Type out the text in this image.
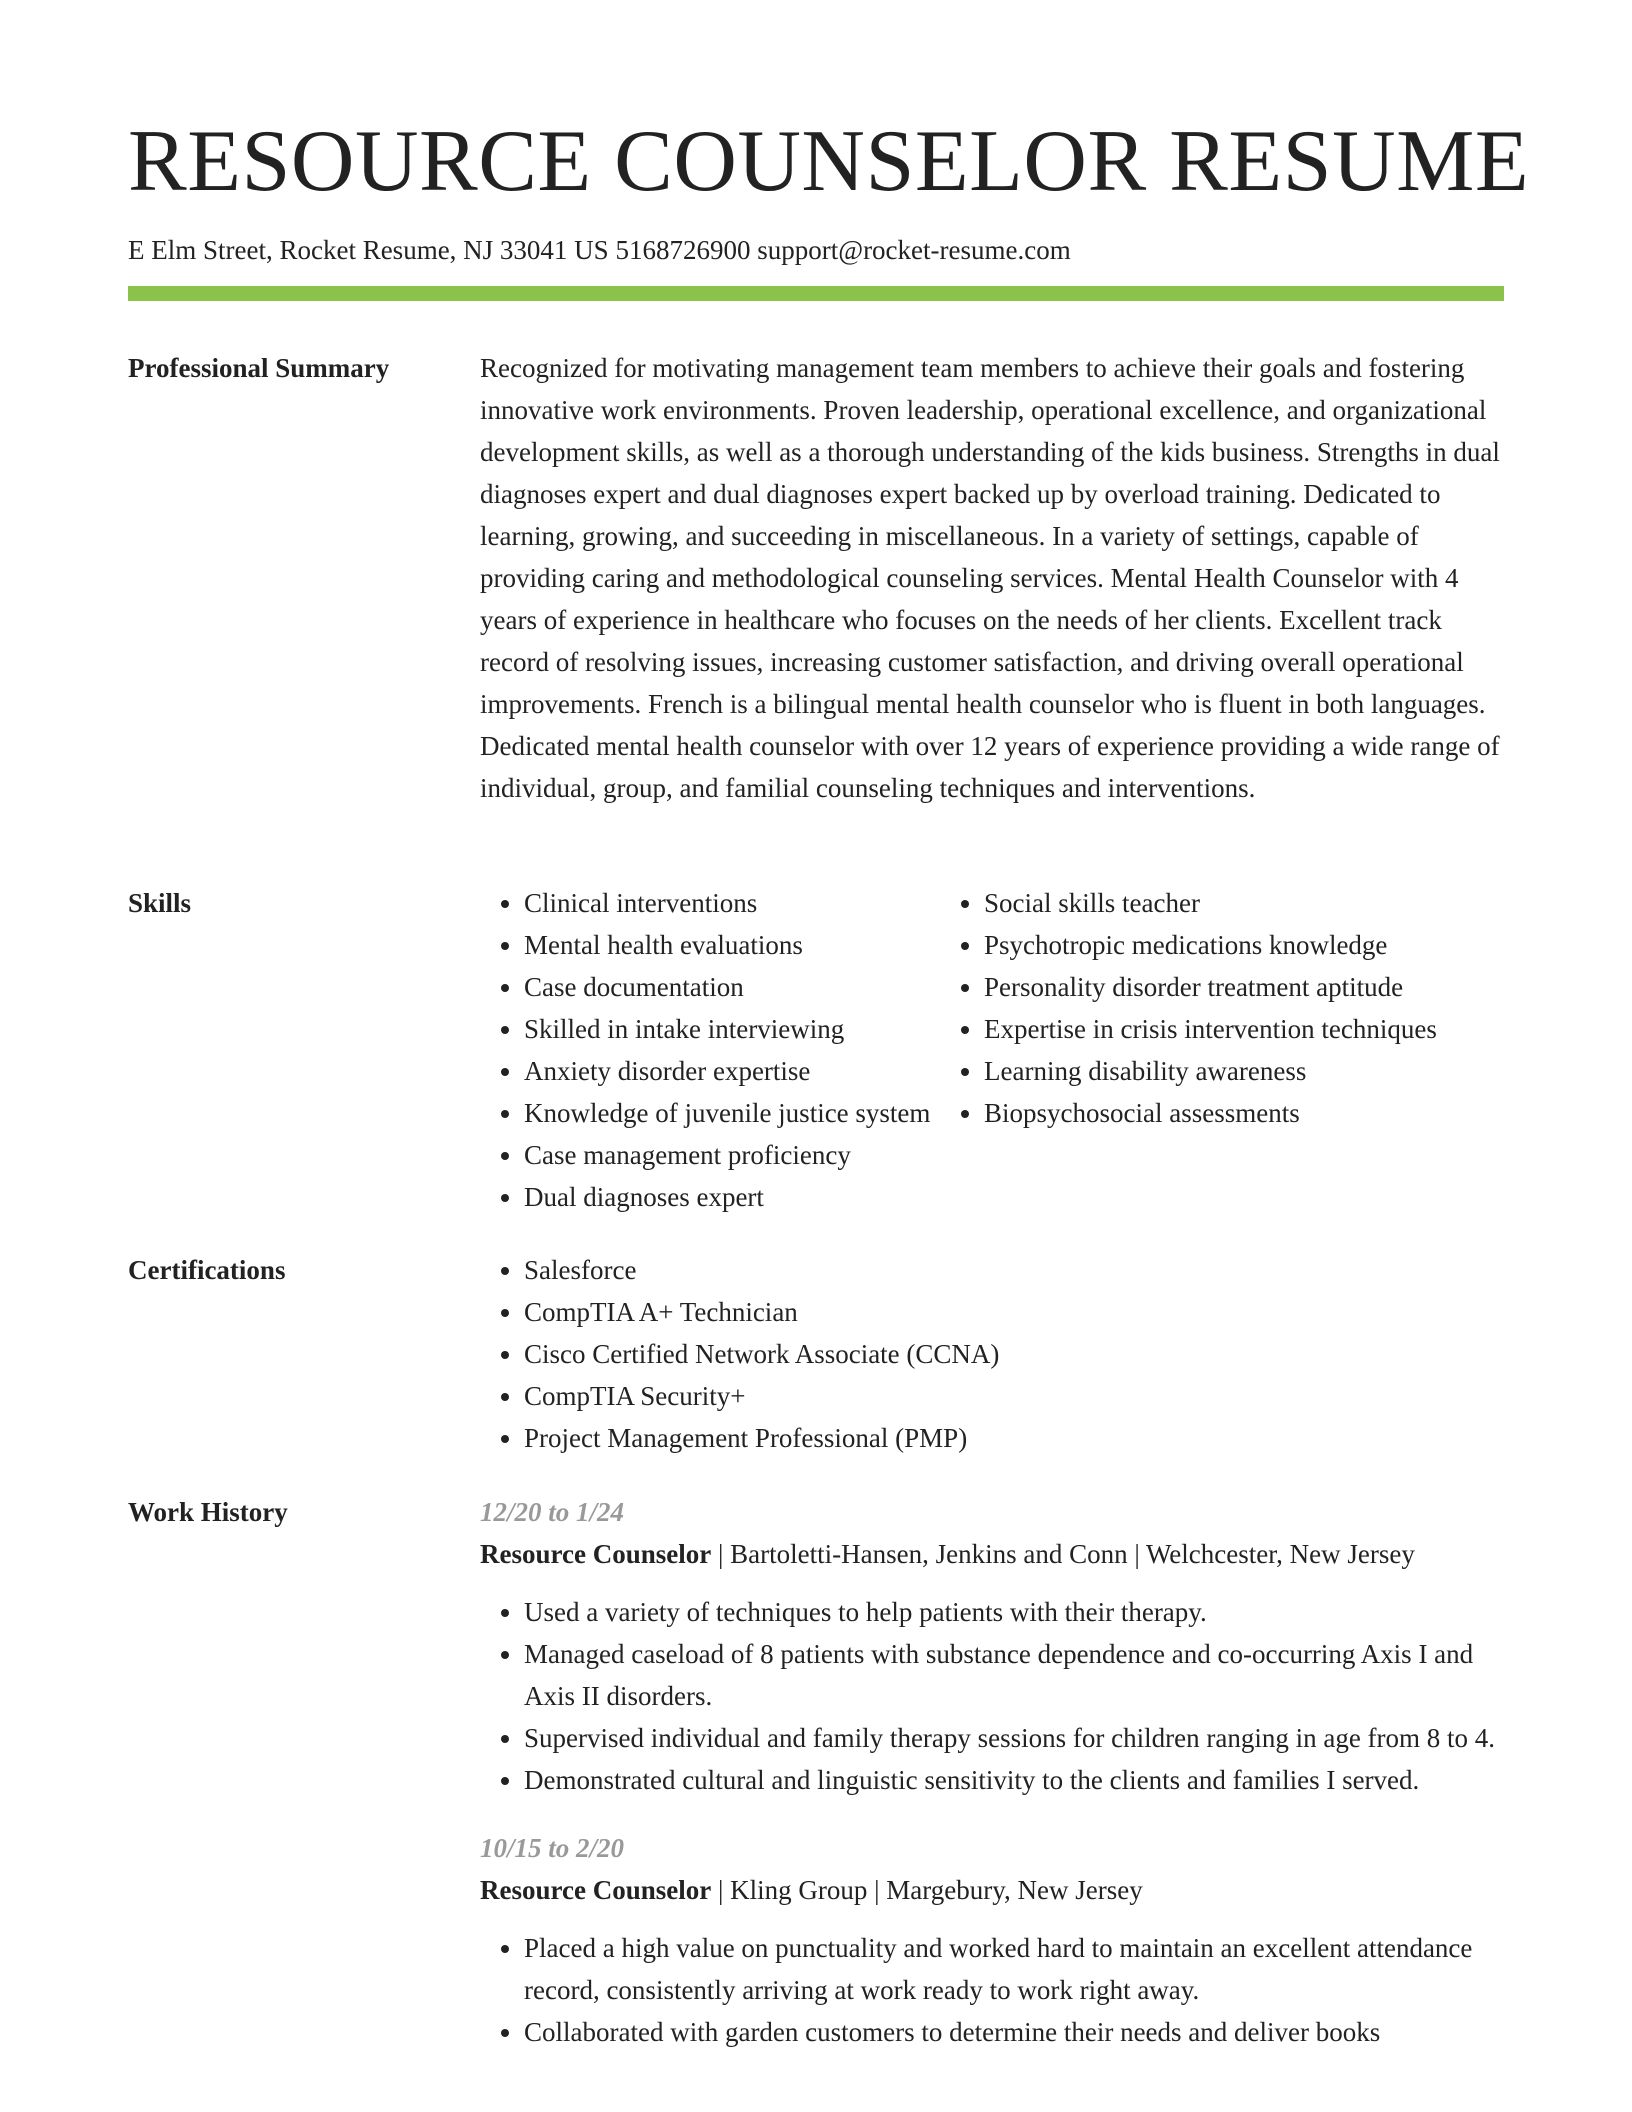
RESOURCE COUNSELOR RESUME
E Elm Street, Rocket Resume, NJ 33041 US 5168726900 support@rocket-resume.com
Professional Summary	Recognized for motivating management team members to achieve their goals and fostering innovative work environments. Proven leadership, operational excellence, and organizational development skills, as well as a thorough understanding of the kids business. Strengths in dual diagnoses expert and dual diagnoses expert backed up by overload training. Dedicated to learning, growing, and succeeding in miscellaneous. In a variety of settings, capable of providing caring and methodological counseling services. Mental Health Counselor with 4 years of experience in healthcare who focuses on the needs of her clients. Excellent track record of resolving issues, increasing customer satisfaction, and driving overall operational improvements. French is a bilingual mental health counselor who is fluent in both languages. Dedicated mental health counselor with over 12 years of experience providing a wide range of individual, group, and familial counseling techniques and interventions.

Skills	• Clinical interventions
• Mental health evaluations
• Case documentation
• Skilled in intake interviewing
• Anxiety disorder expertise
• Knowledge of juvenile justice system
• Case management proficiency
• Dual diagnoses expert
• Social skills teacher
• Psychotropic medications knowledge
• Personality disorder treatment aptitude
• Expertise in crisis intervention techniques
• Learning disability awareness
• Biopsychosocial assessments
Certifications	• Salesforce
• CompTIA A+ Technician
• Cisco Certified Network Associate (CCNA)
• CompTIA Security+
• Project Management Professional (PMP)
Work History	12/20 to 1/24
Resource Counselor | Bartoletti-Hansen, Jenkins and Conn | Welchcester, New Jersey
• Used a variety of techniques to help patients with their therapy.
• Managed caseload of 8 patients with substance dependence and co-occurring Axis I and Axis II disorders.
• Supervised individual and family therapy sessions for children ranging in age from 8 to 4.
• Demonstrated cultural and linguistic sensitivity to the clients and families I served.
10/15 to 2/20
Resource Counselor | Kling Group | Margebury, New Jersey
• Placed a high value on punctuality and worked hard to maintain an excellent attendance record, consistently arriving at work ready to work right away.
• Collaborated with garden customers to determine their needs and deliver books
